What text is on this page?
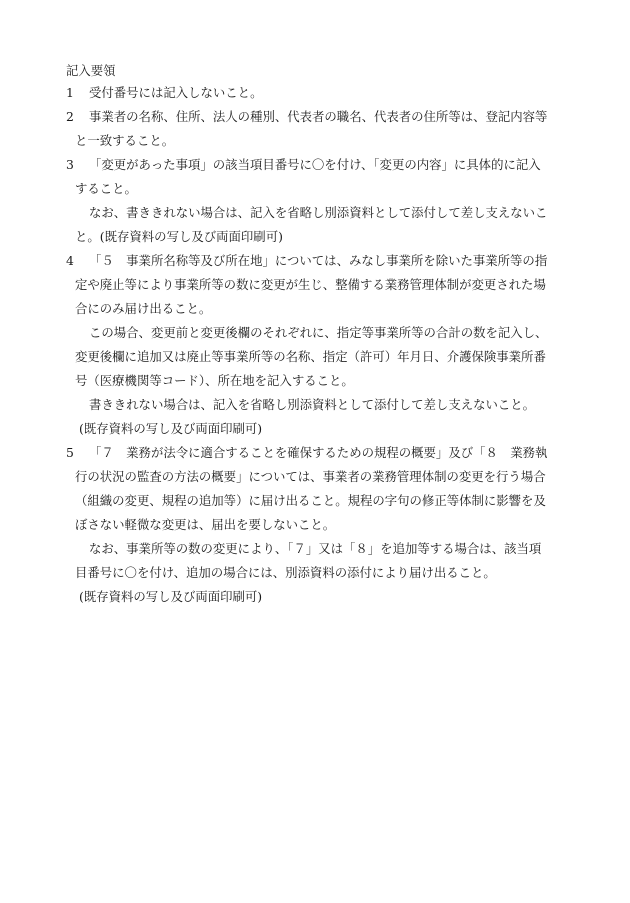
記入要領
1 受付番号には記入しないこと。
2 事業者の名称、住所、法人の種別、代表者の職名、代表者の住所等は、登記内容等
と一致すること。
3 「変更があった事項」の該当項目番号に〇を付け、「変更の内容」に具体的に記入
すること。
なお、書ききれない場合は、記入を省略し別添資料として添付して差し支えないこ
と。(既存資料の写し及び両面印刷可)
4 「５　事業所名称等及び所在地」については、みなし事業所を除いた事業所等の指
定や廃止等により事業所等の数に変更が生じ、整備する業務管理体制が変更された場
合にのみ届け出ること。
この場合、変更前と変更後欄のそれぞれに、指定等事業所等の合計の数を記入し、
変更後欄に追加又は廃止等事業所等の名称、指定（許可）年月日、介護保険事業所番
号（医療機関等コード）、所在地を記入すること。
書ききれない場合は、記入を省略し別添資料として添付して差し支えないこと。
(既存資料の写し及び両面印刷可)
5 「７　業務が法令に適合することを確保するための規程の概要」及び「８　業務執
行の状況の監査の方法の概要」については、事業者の業務管理体制の変更を行う場合
（組織の変更、規程の追加等）に届け出ること。規程の字句の修正等体制に影響を及
ぼさない軽微な変更は、届出を要しないこと。
なお、事業所等の数の変更により、「７」又は「８」を追加等する場合は、該当項
目番号に〇を付け、追加の場合には、別添資料の添付により届け出ること。
(既存資料の写し及び両面印刷可)
